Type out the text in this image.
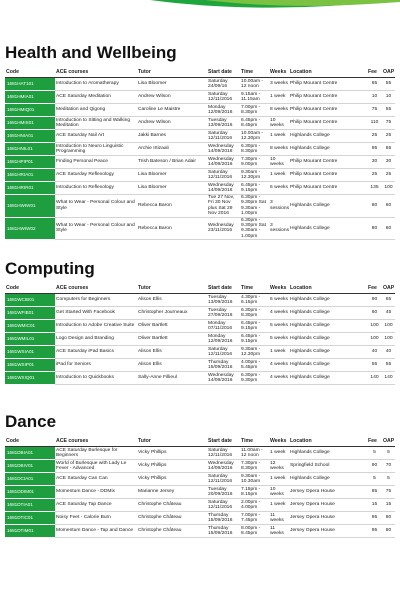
Health and Wellbeing
Code	ACE courses	Tutor	Start date	Time	Weeks	Location	Fee	OAP
1681HAT101	Introduction to Aromatherapy	Lisa Bloomer	Saturday 24/09/16	10.00am - 12 noon	3 weeks	Philip Mourant Centre	65	55
1681HMIA01	ACE Saturday Meditation	Andrew Wilson	Saturday 12/11/2016	9.15am - 11.15am	1 week	Philip Mourant Centre	10	10
1681HMIQ01	Meditation and Qigong	Caroline Le Maistre	Monday 12/09/2016	7.00pm - 8.30pm	8 weeks	Philip Mourant Centre	75	55
1681HMIS01	Introduction to Sitting and Walking Meditation	Andrew Wilson	Tuesday 13/09/2016	6.45pm - 8.45pm	10 weeks	Philip Mourant Centre	110	75
1681HNIA01	ACE Saturday Nail Art	Jakki Barnes	Saturday 12/11/2016	10.00am - 12.30pm	1 week	Highlands College	25	25
1681HNIL01	Introduction to Neuro Linguistic Programming	Archie Irtizaali	Wednesday 14/09/2016	6.30pm - 8.30pm	8 weeks	Highlands College	95	65
1681HPIP01	Finding Personal Peace	Trish Bateson / Brian Adair	Wednesday 14/09/2016	7.30pm - 9.00pm	10 weeks	Philip Mourant Centre	30	30
1681HRIA01	ACE Saturday Reflexology	Lisa Bloomer	Saturday 12/11/2016	9.30am - 12.30pm	1 week	Philip Mourant Centre	25	25
1681HRIR01	Introduction to Reflexology	Lisa Bloomer	Wednesday 14/09/2016	6.45pm - 9.15pm	6 weeks	Philip Mourant Centre	135	100
1681HWIW01	What to Wear - Personal Colour and Style	Rebecca Baron	Tue 27 Nov, Fri 30 Nov plus Sat 29 Nov 2016	6.30pm - 9.30pm Sat 9.30am - 1.00pm	3 sessions	Highlands College	80	60
1681HWIW02	What to Wear - Personal Colour and Style	Rebecca Baron	Wednesday 23/11/2016	6.30pm - 9.30pm Sat 9.30am - 1.00pm	3 sessions	Highlands College	80	60
Computing
Code	ACE courses	Tutor	Start date	Time	Weeks	Location	Fee	OAP
1681WCIB01	Computers for Beginners	Alison Ellis	Tuesday 13/09/2016	4.30pm - 6.15pm	6 weeks	Highlands College	90	65
1681WFIB01	Get Started With Facebook	Christopher Journeaux	Tuesday 27/09/2016	6.30pm - 8.30pm	4 weeks	Highlands College	60	45
1681WMIC01	Introduction to Adobe Creative Suite	Oliver Bartlett	Monday 07/11/2016	6.45pm - 9.15pm	5 weeks	Highlands College	100	100
1681WMIL01	Logo Design and Branding	Oliver Bartlett	Monday 12/09/2016	6.45pm - 9.15pm	5 weeks	Highlands College	100	100
1681WSIA01	ACE Saturday iPad Basics	Alison Ellis	Saturday 12/11/2016	9.30am - 12.30pm	1 week	Highlands College	40	40
1681WSIP01	iPad for Seniors	Alison Ellis	Thursday 15/09/2016	4.00pm - 5.45pm	4 weeks	Highlands College	55	55
1681WXIQ01	Introduction to Quickbooks	Sally-Anne Fillieul	Wednesday 14/09/2016	6.30pm - 9.30pm	4 weeks	Highlands College	140	140
Dance
Code	ACE courses	Tutor	Start date	Time	Weeks	Location	Fee	OAP
1681DBIA01	ACE Saturday Burlesque for Beginners	Vicky Phillips	Saturday 12/11/2016	11.00am - 12 noon	1 week	Highlands College	5	5
1681DBIV01	World of Burlesque with Lady Le Fever - Advanced	Vicky Phillips	Wednesday 14/09/2016	7.30pm - 8.30pm	12 weeks	Springfield School	90	70
1681DCIA01	ACE Saturday Can Can	Vicky Phillips	Saturday 12/11/2016	9.30am - 10.30am	1 week	Highlands College	5	5
1681DDIM01	Momentum Dance - DDMix	Marianne Jersey	Tuesday 20/09/2016	7.15pm - 8.15pm	10 weeks	Jersey Opera House	85	75
1681DTIA01	ACE Saturday Tap Dance	Christophe Château	Saturday 12/11/2016	2.00pm - 4.00pm	1 week	Jersey Opera House	15	15
1681DTIC01	Noisy Feet - Calorie Burn	Christophe Château	Thursday 15/09/2016	7.00pm - 7.45pm	11 weeks	Jersey Opera House	95	80
1681DTIM01	Momentum Dance - Tap and Dance	Christophe Château	Thursday 15/09/2016	8.00pm - 8.45pm	11 weeks	Jersey Opera House	95	80
